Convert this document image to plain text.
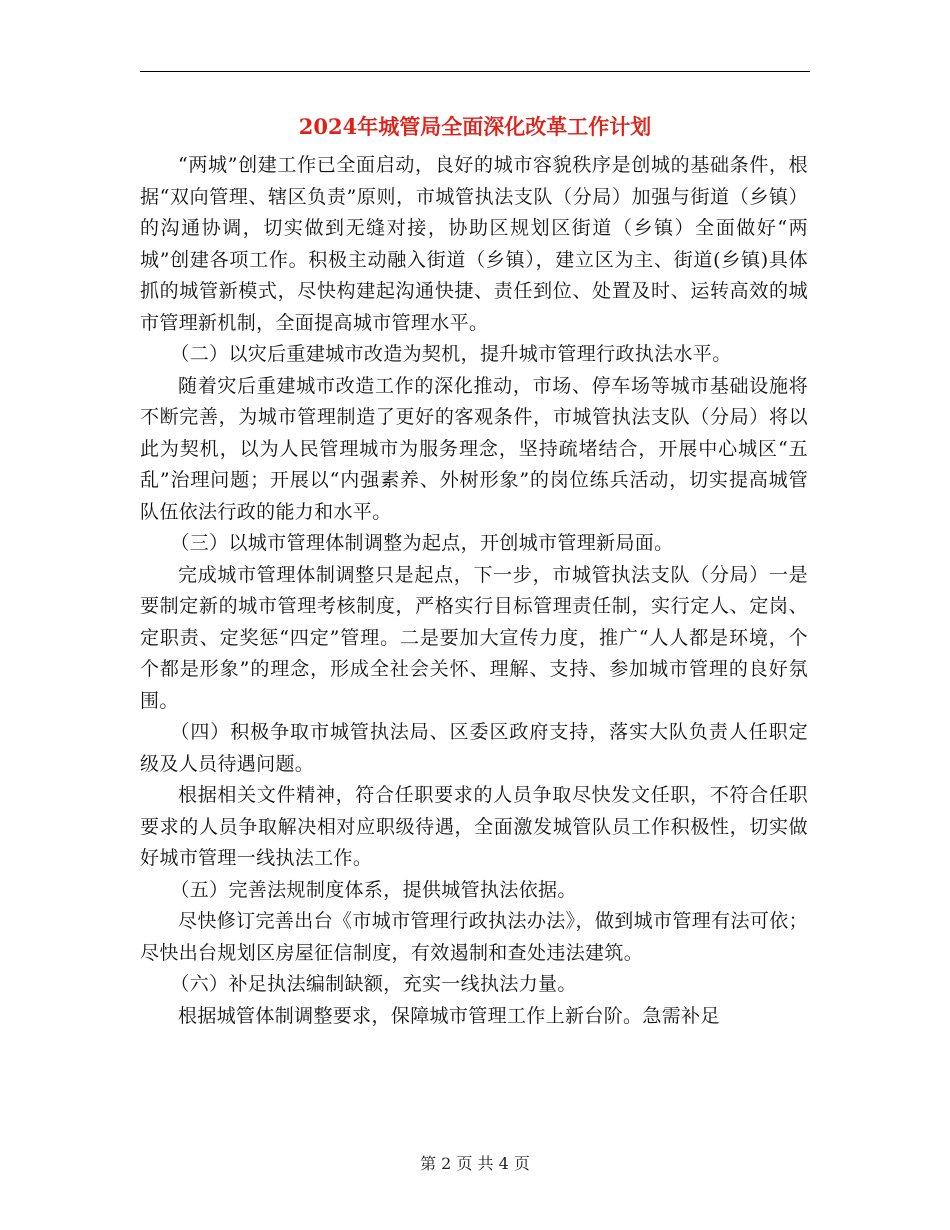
2024年城管局全面深化改革工作计划

“两城”创建工作已全面启动，良好的城市容貌秩序是创城的基础条件，根据“双向管理、辖区负责”原则，市城管执法支队（分局）加强与街道（乡镇）的沟通协调，切实做到无缝对接，协助区规划区街道（乡镇）全面做好“两城”创建各项工作。积极主动融入街道（乡镇），建立区为主、街道(乡镇)具体抓的城管新模式，尽快构建起沟通快捷、责任到位、处置及时、运转高效的城市管理新机制，全面提高城市管理水平。

（二）以灾后重建城市改造为契机，提升城市管理行政执法水平。

随着灾后重建城市改造工作的深化推动，市场、停车场等城市基础设施将不断完善，为城市管理制造了更好的客观条件，市城管执法支队（分局）将以此为契机，以为人民管理城市为服务理念，坚持疏堵结合，开展中心城区“五乱”治理问题；开展以“内强素养、外树形象”的岗位练兵活动，切实提高城管队伍依法行政的能力和水平。

（三）以城市管理体制调整为起点，开创城市管理新局面。

完成城市管理体制调整只是起点，下一步，市城管执法支队（分局）一是要制定新的城市管理考核制度，严格实行目标管理责任制，实行定人、定岗、定职责、定奖惩“四定”管理。二是要加大宣传力度，推广“人人都是环境，个个都是形象”的理念，形成全社会关怀、理解、支持、参加城市管理的良好氛围。

（四）积极争取市城管执法局、区委区政府支持，落实大队负责人任职定级及人员待遇问题。

根据相关文件精神，符合任职要求的人员争取尽快发文任职，不符合任职要求的人员争取解决相对应职级待遇，全面激发城管队员工作积极性，切实做好城市管理一线执法工作。

（五）完善法规制度体系，提供城管执法依据。

尽快修订完善出台《市城市管理行政执法办法》，做到城市管理有法可依；尽快出台规划区房屋征信制度，有效遏制和查处违法建筑。

（六）补足执法编制缺额，充实一线执法力量。

根据城管体制调整要求，保障城市管理工作上新台阶。急需补足

第 2 页 共 4 页
